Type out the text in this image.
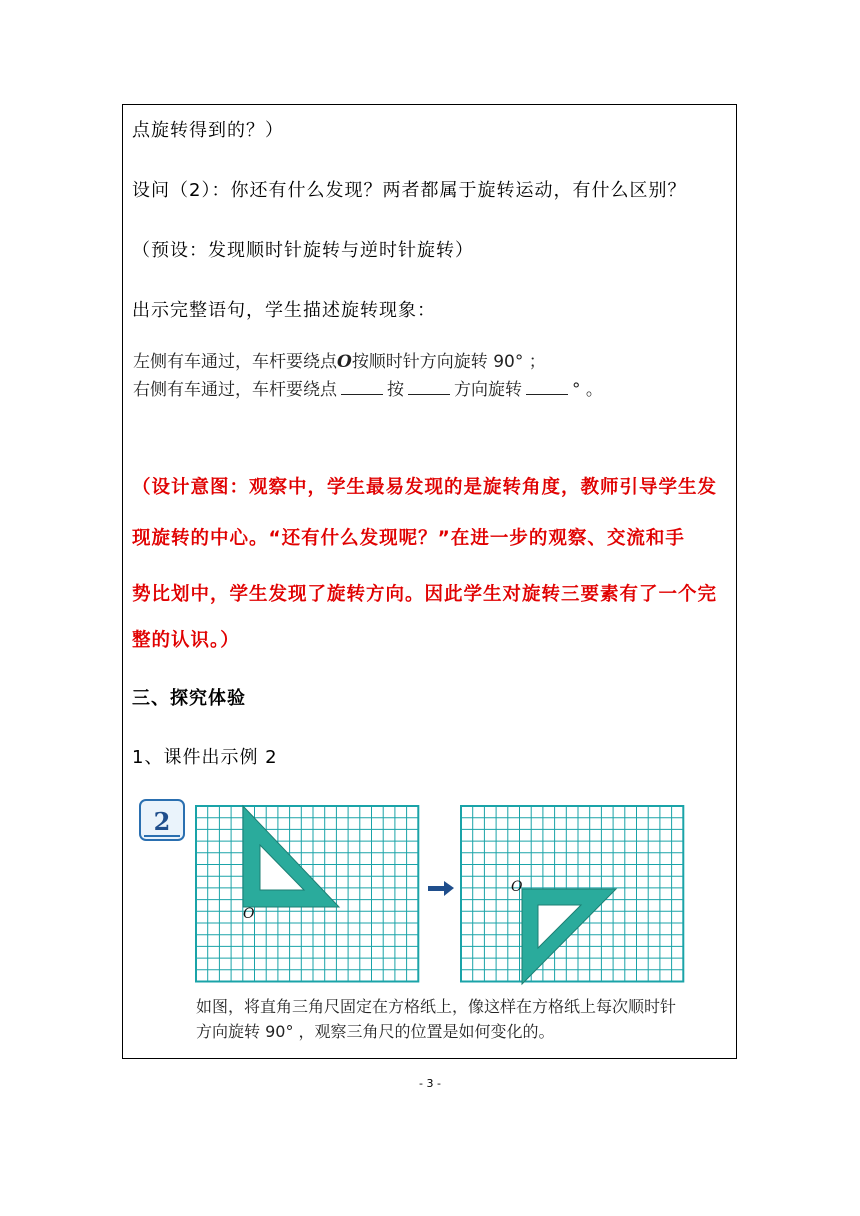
点旋转得到的？）
设问（2）：你还有什么发现？两者都属于旋转运动，有什么区别？
（预设：发现顺时针旋转与逆时针旋转）
出示完整语句，学生描述旋转现象：
左侧有车通过，车杆要绕点O按顺时针方向旋转 90° ；
右侧有车通过，车杆要绕点	按	方向旋转	° 。
（设计意图：观察中，学生最易发现的是旋转角度，教师引导学生发
现旋转的中心。“还有什么发现呢？”在进一步的观察、交流和手
势比划中，学生发现了旋转方向。因此学生对旋转三要素有了一个完
整的认识。）
三、探究体验
1、课件出示例 2
2
O
O
如图，将直角三角尺固定在方格纸上，像这样在方格纸上每次顺时针
方向旋转 90° ，观察三角尺的位置是如何变化的。
- 3 -
